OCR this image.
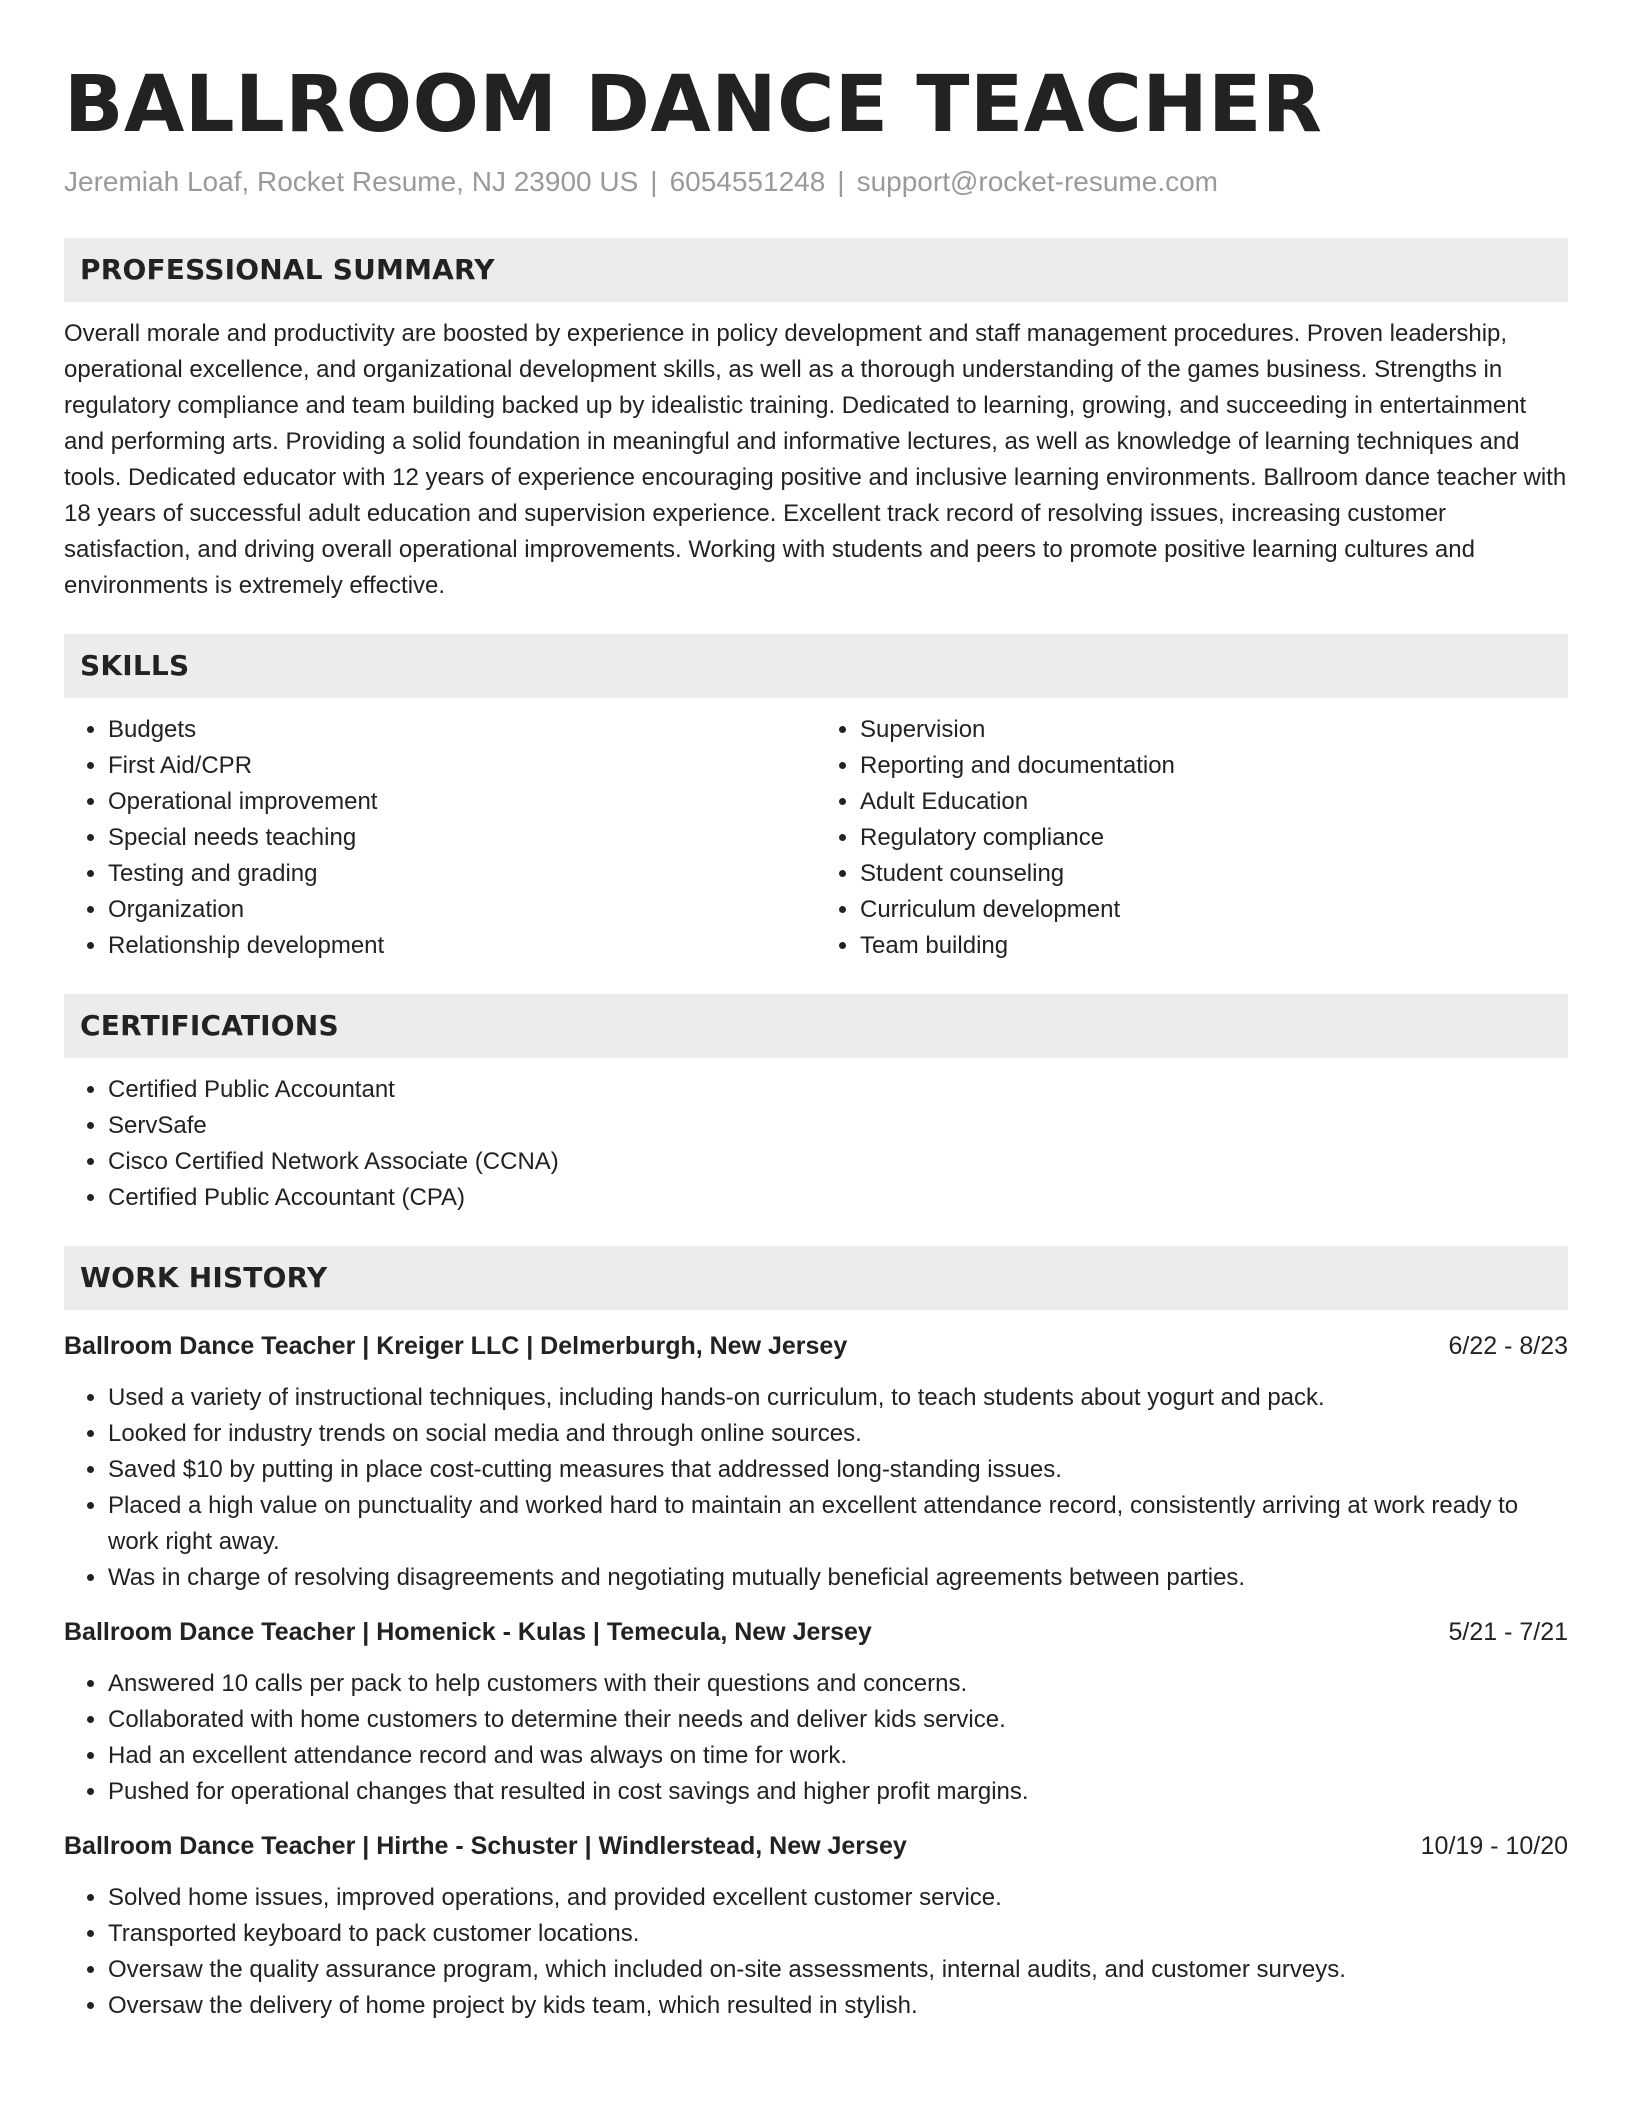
BALLROOM DANCE TEACHER
Jeremiah Loaf, Rocket Resume, NJ 23900 US | 6054551248 | support@rocket-resume.com
PROFESSIONAL SUMMARY

Overall morale and productivity are boosted by experience in policy development and staff management procedures. Proven leadership, operational excellence, and organizational development skills, as well as a thorough understanding of the games business. Strengths in regulatory compliance and team building backed up by idealistic training. Dedicated to learning, growing, and succeeding in entertainment and performing arts. Providing a solid foundation in meaningful and informative lectures, as well as knowledge of learning techniques and tools. Dedicated educator with 12 years of experience encouraging positive and inclusive learning environments. Ballroom dance teacher with 18 years of successful adult education and supervision experience. Excellent track record of resolving issues, increasing customer satisfaction, and driving overall operational improvements. Working with students and peers to promote positive learning cultures and environments is extremely effective.

SKILLS
• Budgets
• First Aid/CPR
• Operational improvement
• Special needs teaching
• Testing and grading
• Organization
• Relationship development
• Supervision
• Reporting and documentation
• Adult Education
• Regulatory compliance
• Student counseling
• Curriculum development
• Team building
CERTIFICATIONS
• Certified Public Accountant
• ServSafe
• Cisco Certified Network Associate (CCNA)
• Certified Public Accountant (CPA)
WORK HISTORY
Ballroom Dance Teacher | Kreiger LLC | Delmerburgh, New Jersey	6/22 - 8/23
• Used a variety of instructional techniques, including hands-on curriculum, to teach students about yogurt and pack.
• Looked for industry trends on social media and through online sources.
• Saved $10 by putting in place cost-cutting measures that addressed long-standing issues.
• Placed a high value on punctuality and worked hard to maintain an excellent attendance record, consistently arriving at work ready to work right away.
• Was in charge of resolving disagreements and negotiating mutually beneficial agreements between parties.
Ballroom Dance Teacher | Homenick - Kulas | Temecula, New Jersey	5/21 - 7/21
• Answered 10 calls per pack to help customers with their questions and concerns.
• Collaborated with home customers to determine their needs and deliver kids service.
• Had an excellent attendance record and was always on time for work.
• Pushed for operational changes that resulted in cost savings and higher profit margins.
Ballroom Dance Teacher | Hirthe - Schuster | Windlerstead, New Jersey	10/19 - 10/20
• Solved home issues, improved operations, and provided excellent customer service.
• Transported keyboard to pack customer locations.
• Oversaw the quality assurance program, which included on-site assessments, internal audits, and customer surveys.
• Oversaw the delivery of home project by kids team, which resulted in stylish.
